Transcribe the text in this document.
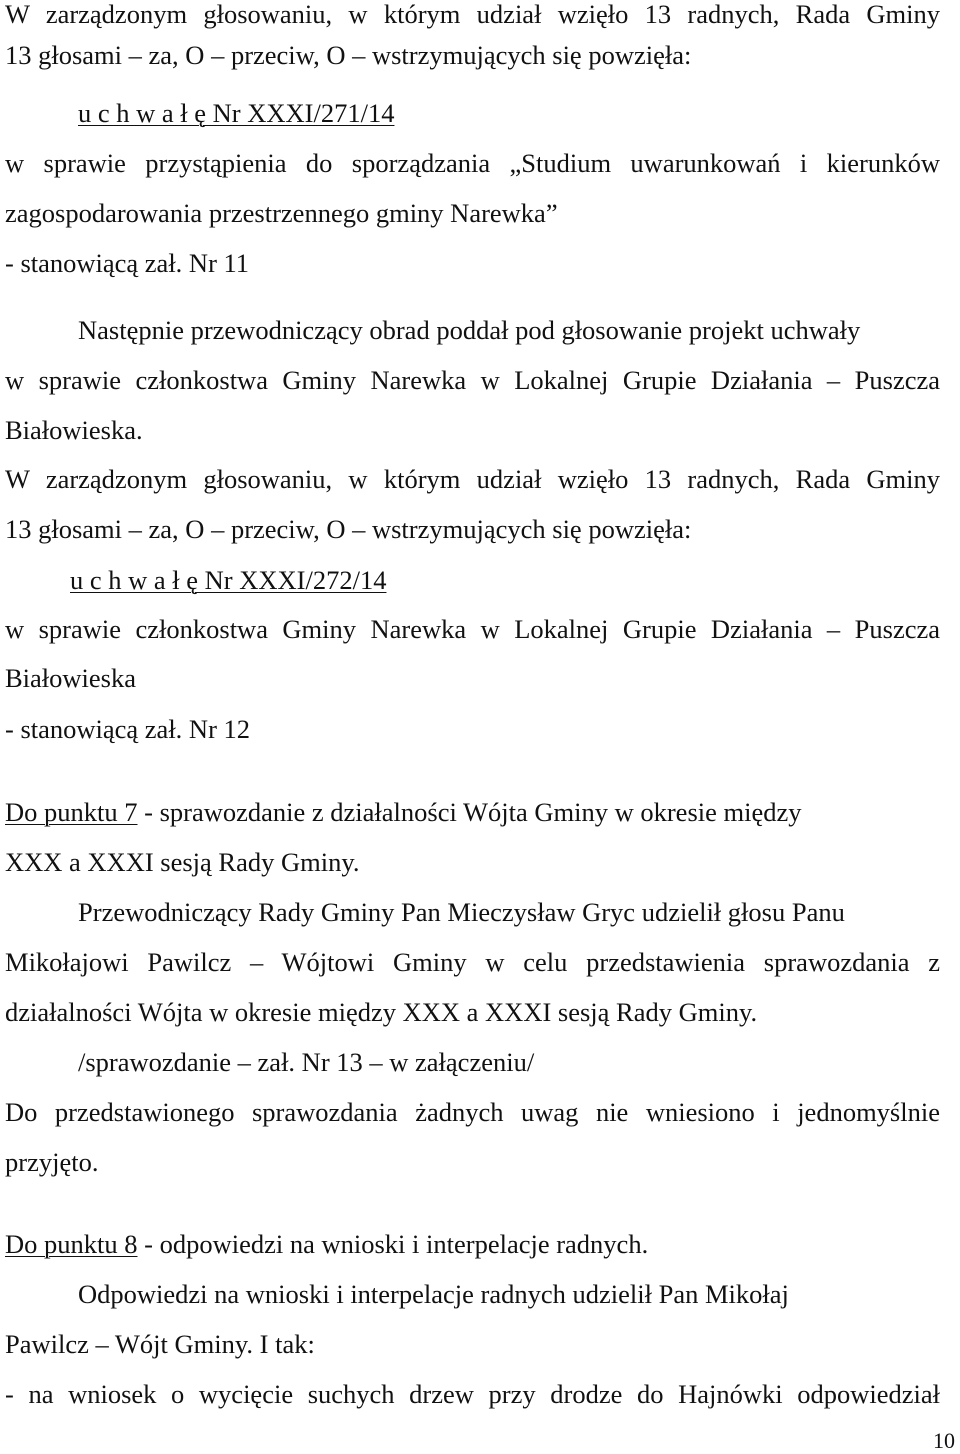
W zarządzonym głosowaniu, w którym udział wzięło 13 radnych, Rada Gminy
13 głosami – za, O – przeciw, O – wstrzymujących się powzięła:
u c h w a ł ę Nr XXXI/271/14
w sprawie przystąpienia do sporządzania „Studium uwarunkowań i kierunków
zagospodarowania przestrzennego gminy Narewka”
- stanowiącą zał. Nr 11
Następnie przewodniczący obrad poddał pod głosowanie projekt uchwały
w sprawie członkostwa Gminy Narewka w Lokalnej Grupie Działania – Puszcza
Białowieska.
W zarządzonym głosowaniu, w którym udział wzięło 13 radnych, Rada Gminy
13 głosami – za, O – przeciw, O – wstrzymujących się powzięła:
u c h w a ł ę Nr XXXI/272/14
w sprawie członkostwa Gminy Narewka w Lokalnej Grupie Działania – Puszcza
Białowieska
- stanowiącą zał. Nr 12
Do punktu 7 - sprawozdanie z działalności Wójta Gminy w okresie między
XXX a XXXI sesją Rady Gminy.
Przewodniczący Rady Gminy Pan Mieczysław Gryc udzielił głosu Panu
Mikołajowi Pawilcz – Wójtowi Gminy w celu przedstawienia sprawozdania z
działalności Wójta w okresie między XXX a XXXI sesją Rady Gminy.
/sprawozdanie – zał. Nr 13 – w załączeniu/
Do przedstawionego sprawozdania żadnych uwag nie wniesiono i jednomyślnie
przyjęto.
Do punktu 8 - odpowiedzi na wnioski i interpelacje radnych.
Odpowiedzi na wnioski i interpelacje radnych udzielił Pan Mikołaj
Pawilcz – Wójt Gminy. I tak:
- na wniosek o wycięcie suchych drzew przy drodze do Hajnówki odpowiedział
10
